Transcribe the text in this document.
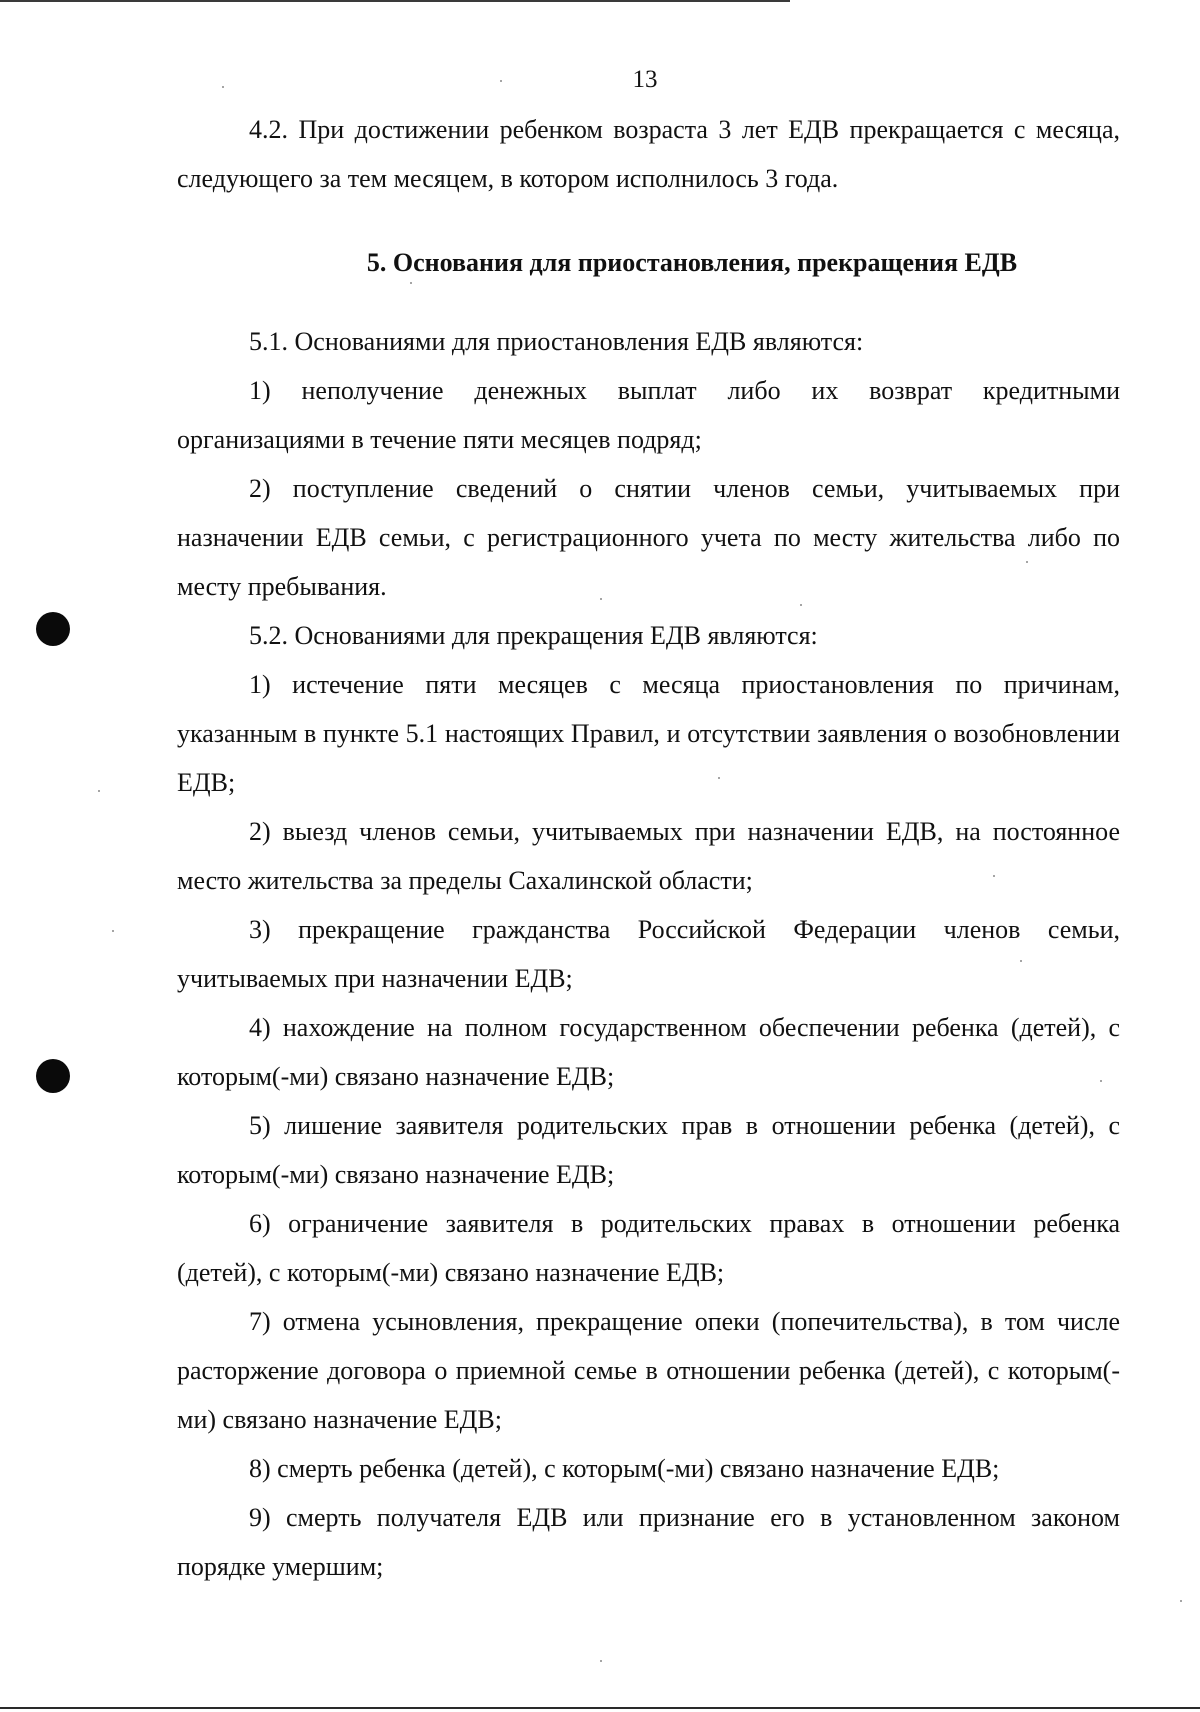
13

4.2. При достижении ребенком возраста 3 лет ЕДВ прекращается с месяца, следующего за тем месяцем, в котором исполнилось 3 года.

5. Основания для приостановления, прекращения ЕДВ

5.1. Основаниями для приостановления ЕДВ являются:

1) неполучение денежных выплат либо их возврат кредитными организациями в течение пяти месяцев подряд;

2) поступление сведений о снятии членов семьи, учитываемых при назначении ЕДВ семьи, с регистрационного учета по месту жительства либо по месту пребывания.

5.2. Основаниями для прекращения ЕДВ являются:

1) истечение пяти месяцев с месяца приостановления по причинам, указанным в пункте 5.1 настоящих Правил, и отсутствии заявления о возобновлении ЕДВ;

2) выезд членов семьи, учитываемых при назначении ЕДВ, на постоянное место жительства за пределы Сахалинской области;

3) прекращение гражданства Российской Федерации членов семьи, учитываемых при назначении ЕДВ;

4) нахождение на полном государственном обеспечении ребенка (детей), с которым(-ми) связано назначение ЕДВ;

5) лишение заявителя родительских прав в отношении ребенка (детей), с которым(-ми) связано назначение ЕДВ;

6) ограничение заявителя в родительских правах в отношении ребенка (детей), с которым(-ми) связано назначение ЕДВ;

7) отмена усыновления, прекращение опеки (попечительства), в том числе расторжение договора о приемной семье в отношении ребенка (детей), с которым(-ми) связано назначение ЕДВ;

8) смерть ребенка (детей), с которым(-ми) связано назначение ЕДВ;

9) смерть получателя ЕДВ или признание его в установленном законом порядке умершим;
